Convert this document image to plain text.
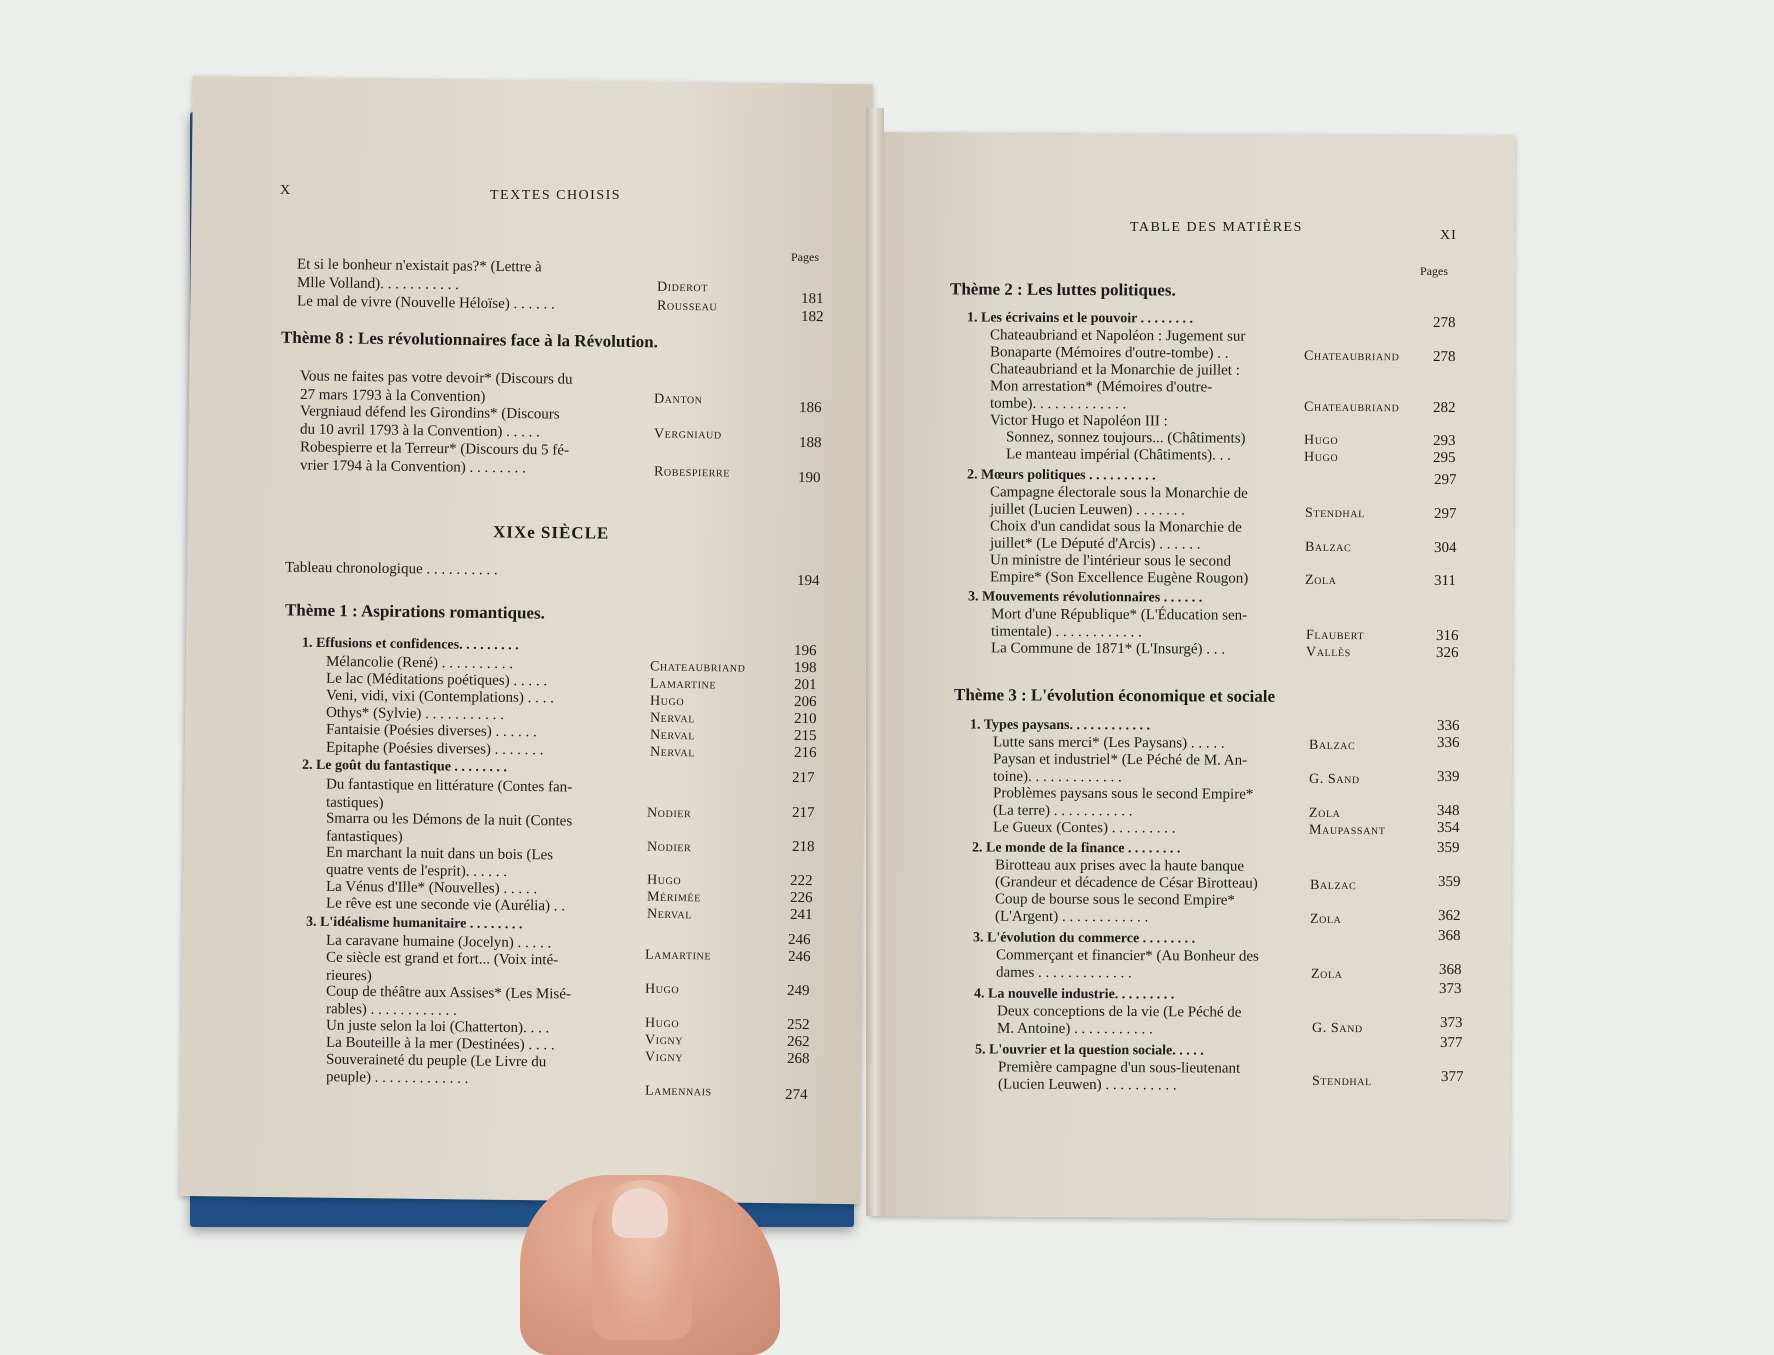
X	TEXTES CHOISIS
Pages
Thème 8 : Les révolutionnaires face à la Révolution.
XIXe SIÈCLE
Thème 1 : Aspirations romantiques.
1. Effusions et confidences. . . . . . . . .
2. Le goût du fantastique . . . . . . . .
3. L'idéalisme humanitaire . . . . . . . .
Et si le bonheur n'existait pas?* (Lettre à
Mlle Volland). . . . . . . . . . .
Le mal de vivre (Nouvelle Héloïse) . . . . . .
Vous ne faites pas votre devoir* (Discours du
27 mars 1793 à la Convention)
Vergniaud défend les Girondins* (Discours
du 10 avril 1793 à la Convention) . . . . .
Robespierre et la Terreur* (Discours du 5 fé-
vrier 1794 à la Convention) . . . . . . . .
Tableau chronologique . . . . . . . . . .
Mélancolie (René) . . . . . . . . . .
Le lac (Méditations poétiques) . . . . .
Veni, vidi, vixi (Contemplations) . . . .
Othys* (Sylvie) . . . . . . . . . . .
Fantaisie (Poésies diverses) . . . . . .
Epitaphe (Poésies diverses) . . . . . . .
Du fantastique en littérature (Contes fan-
tastiques)
Smarra ou les Démons de la nuit (Contes
fantastiques)
En marchant la nuit dans un bois (Les
quatre vents de l'esprit). . . . . .
La Vénus d'Ille* (Nouvelles) . . . . .
Le rêve est une seconde vie (Aurélia) . .
La caravane humaine (Jocelyn) . . . . .
Ce siècle est grand et fort... (Voix inté-
rieures)
Coup de théâtre aux Assises* (Les Misé-
rables) . . . . . . . . . . . .
Un juste selon la loi (Chatterton). . . .
La Bouteille à la mer (Destinées) . . . .
Souveraineté du peuple (Le Livre du
peuple) . . . . . . . . . . . . .
Diderot
Rousseau
Danton
Vergniaud
Robespierre
Chateaubriand
Lamartine
Hugo
Nerval
Nerval
Nerval
Nodier
Nodier
Hugo
Mérimée
Nerval
Lamartine
Hugo
Hugo
Vigny
Vigny
Lamennais
181
182
186
188
190
194
196
198
201
206
210
215
216
217
217
218
222
226
241
246
246
249
252
262
268
274
TABLE DES MATIÈRES
XI
Pages
Thème 2 : Les luttes politiques.
1. Les écrivains et le pouvoir . . . . . . . .
2. Mœurs politiques . . . . . . . . . .
3. Mouvements révolutionnaires . . . . . .
Thème 3 : L'évolution économique et sociale
1. Types paysans. . . . . . . . . . . .
2. Le monde de la finance . . . . . . . .
3. L'évolution du commerce . . . . . . . .
4. La nouvelle industrie. . . . . . . . .
5. L'ouvrier et la question sociale. . . . .
Chateaubriand et Napoléon : Jugement sur
Bonaparte (Mémoires d'outre-tombe) . .
Chateaubriand et la Monarchie de juillet :
Mon arrestation* (Mémoires d'outre-
tombe). . . . . . . . . . . . .
Victor Hugo et Napoléon III :
Sonnez, sonnez toujours... (Châtiments)
Le manteau impérial (Châtiments). . .
Campagne électorale sous la Monarchie de
juillet (Lucien Leuwen) . . . . . . .
Choix d'un candidat sous la Monarchie de
juillet* (Le Député d'Arcis) . . . . . .
Un ministre de l'intérieur sous le second
Empire* (Son Excellence Eugène Rougon)
Mort d'une République* (L'Éducation sen-
timentale) . . . . . . . . . . . .
La Commune de 1871* (L'Insurgé) . . .
Lutte sans merci* (Les Paysans) . . . . .
Paysan et industriel* (Le Péché de M. An-
toine). . . . . . . . . . . . .
Problèmes paysans sous le second Empire*
(La terre) . . . . . . . . . . .
Le Gueux (Contes) . . . . . . . . .
Birotteau aux prises avec la haute banque
(Grandeur et décadence de César Birotteau)
Coup de bourse sous le second Empire*
(L'Argent) . . . . . . . . . . . .
Commerçant et financier* (Au Bonheur des
dames . . . . . . . . . . . . .
Deux conceptions de la vie (Le Péché de
M. Antoine) . . . . . . . . . . .
Première campagne d'un sous-lieutenant
(Lucien Leuwen) . . . . . . . . . .
Chateaubriand
Chateaubriand
Hugo
Hugo
Stendhal
Balzac
Zola
Flaubert
Vallès
Balzac
G. Sand
Zola
Maupassant
Balzac
Zola
Zola
G. Sand
Stendhal
278
278
282
293
295
297
297
304
311
316
326
336
336
339
348
354
359
359
362
368
368
373
373
377
377
